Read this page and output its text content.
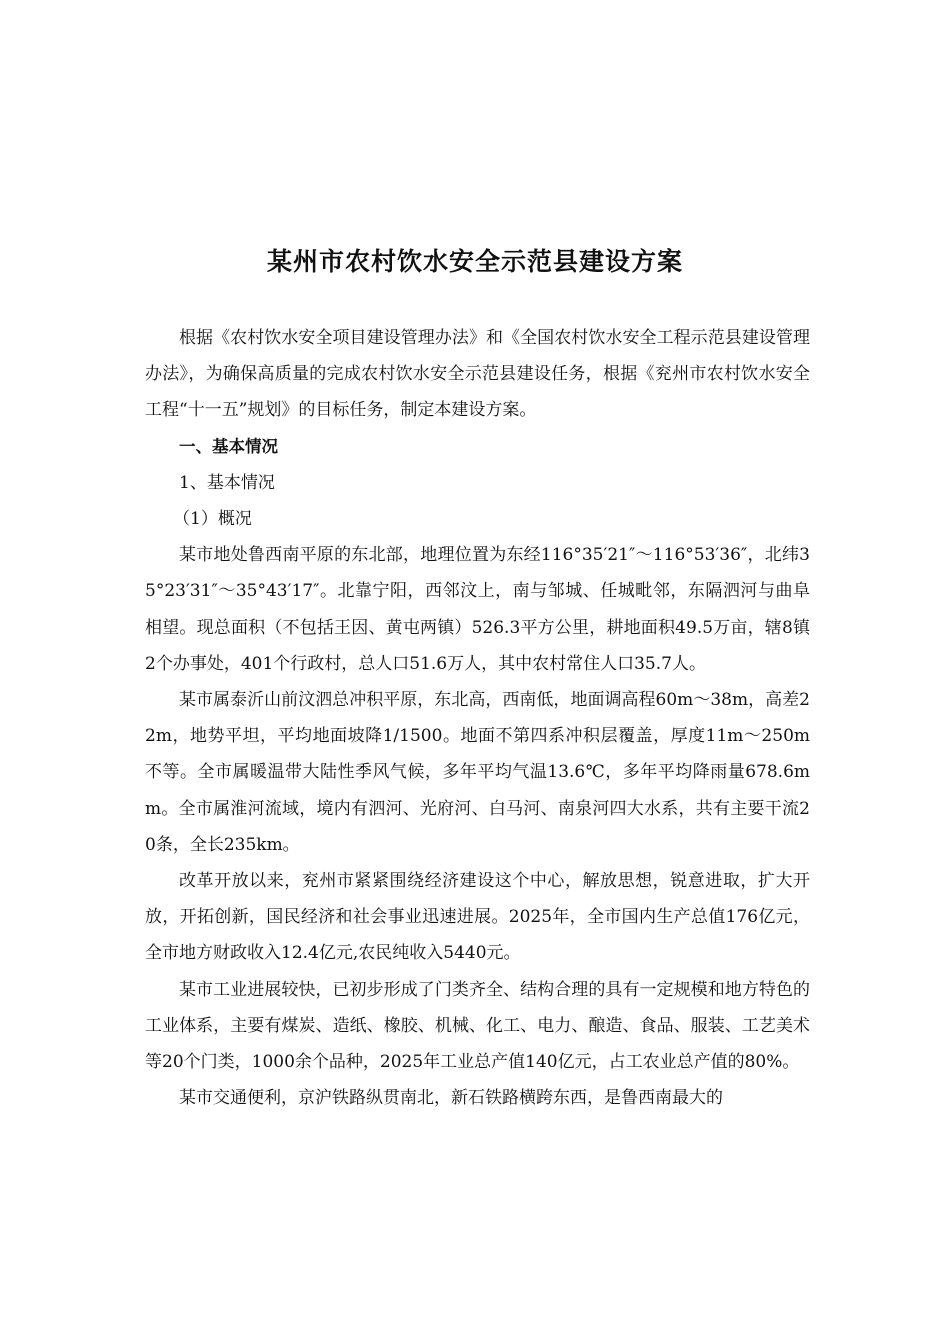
某州市农村饮水安全示范县建设方案

根据《农村饮水安全项目建设管理办法》和《全国农村饮水安全工程示范县建设管理办法》，为确保高质量的完成农村饮水安全示范县建设任务，根据《兖州市农村饮水安全工程“十一五”规划》的目标任务，制定本建设方案。

一、基本情况

1、基本情况

（1）概况

某市地处鲁西南平原的东北部，地理位置为东经116°35′21″～116°53′36″，北纬35°23′31″～35°43′17″。北靠宁阳，西邻汶上，南与邹城、任城毗邻，东隔泗河与曲阜相望。现总面积（不包括王因、黄屯两镇）526.3平方公里，耕地面积49.5万亩，辖8镇2个办事处，401个行政村，总人口51.6万人，其中农村常住人口35.7人。

某市属泰沂山前汶泗总冲积平原，东北高，西南低，地面调高程60m～38m，高差22m，地势平坦，平均地面坡降1/1500。地面不第四系冲积层覆盖，厚度11m～250m不等。全市属暖温带大陆性季风气候，多年平均气温13.6℃，多年平均降雨量678.6mm。全市属淮河流域，境内有泗河、光府河、白马河、南泉河四大水系，共有主要干流20条，全长235km。

改革开放以来，兖州市紧紧围绕经济建设这个中心，解放思想，锐意进取，扩大开放，开拓创新，国民经济和社会事业迅速进展。2025年，全市国内生产总值176亿元，全市地方财政收入12.4亿元,农民纯收入5440元。

某市工业进展较快，已初步形成了门类齐全、结构合理的具有一定规模和地方特色的工业体系，主要有煤炭、造纸、橡胶、机械、化工、电力、酿造、食品、服装、工艺美术等20个门类，1000余个品种，2025年工业总产值140亿元，占工农业总产值的80%。

某市交通便利，京沪铁路纵贯南北，新石铁路横跨东西，是鲁西南最大的
